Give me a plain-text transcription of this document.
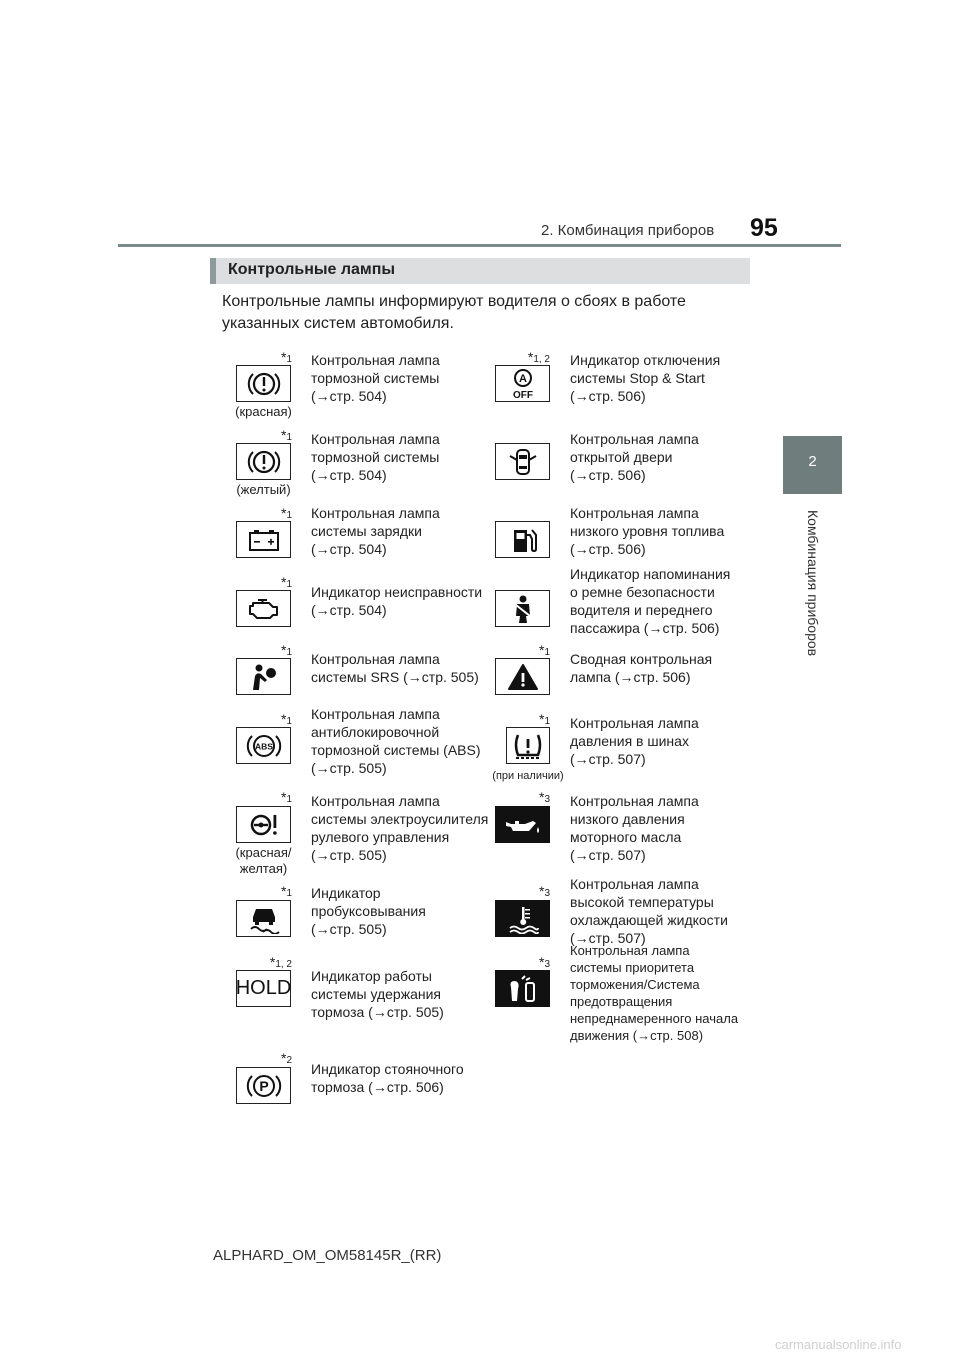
2. Комбинация приборов 95
2
Комбинация приборов
Контрольные лампы
Контрольные лампы информируют водителя о сбоях в работе указанных систем автомобиля.
*1
(красная)
Контрольная лампа
тормозной системы
(→стр. 504)
*1
(желтый)
Контрольная лампа
тормозной системы
(→стр. 504)
*1 Контрольная лампа
системы зарядки
(→стр. 504)
*1 Индикатор неисправности
(→стр. 504)
*1 Контрольная лампа
системы SRS (→стр. 505)
*1
ABS
Контрольная лампа
антиблокировочной
тормозной системы (ABS)
(→стр. 505)
*1
(красная/
желтая)
Контрольная лампа
системы электроусилителя
рулевого управления
(→стр. 505)
*1 Индикатор
пробуксовывания
(→стр. 505)
*1, 2
HOLD
Индикатор работы
системы удержания
тормоза (→стр. 505)
*2
P
Индикатор стояночного
тормоза (→стр. 506)
*1, 2
A
OFF
Индикатор отключения
системы Stop & Start
(→стр. 506)
Контрольная лампа
открытой двери
(→стр. 506)
Контрольная лампа
низкого уровня топлива
(→стр. 506)
Индикатор напоминания
о ремне безопасности
водителя и переднего
пассажира (→стр. 506)
*1 Сводная контрольная
лампа (→стр. 506)
*1
(при наличии)
Контрольная лампа
давления в шинах
(→стр. 507)
*3 Контрольная лампа
низкого давления
моторного масла
(→стр. 507)
*3
Контрольная лампа
высокой температуры
охлаждающей жидкости
(→стр. 507)
*3
Контрольная лампа
системы приоритета
торможения/Система
предотвращения
непреднамеренного начала
движения (→стр. 508)
ALPHARD_OM_OM58145R_(RR)
carmanualsonline.info
